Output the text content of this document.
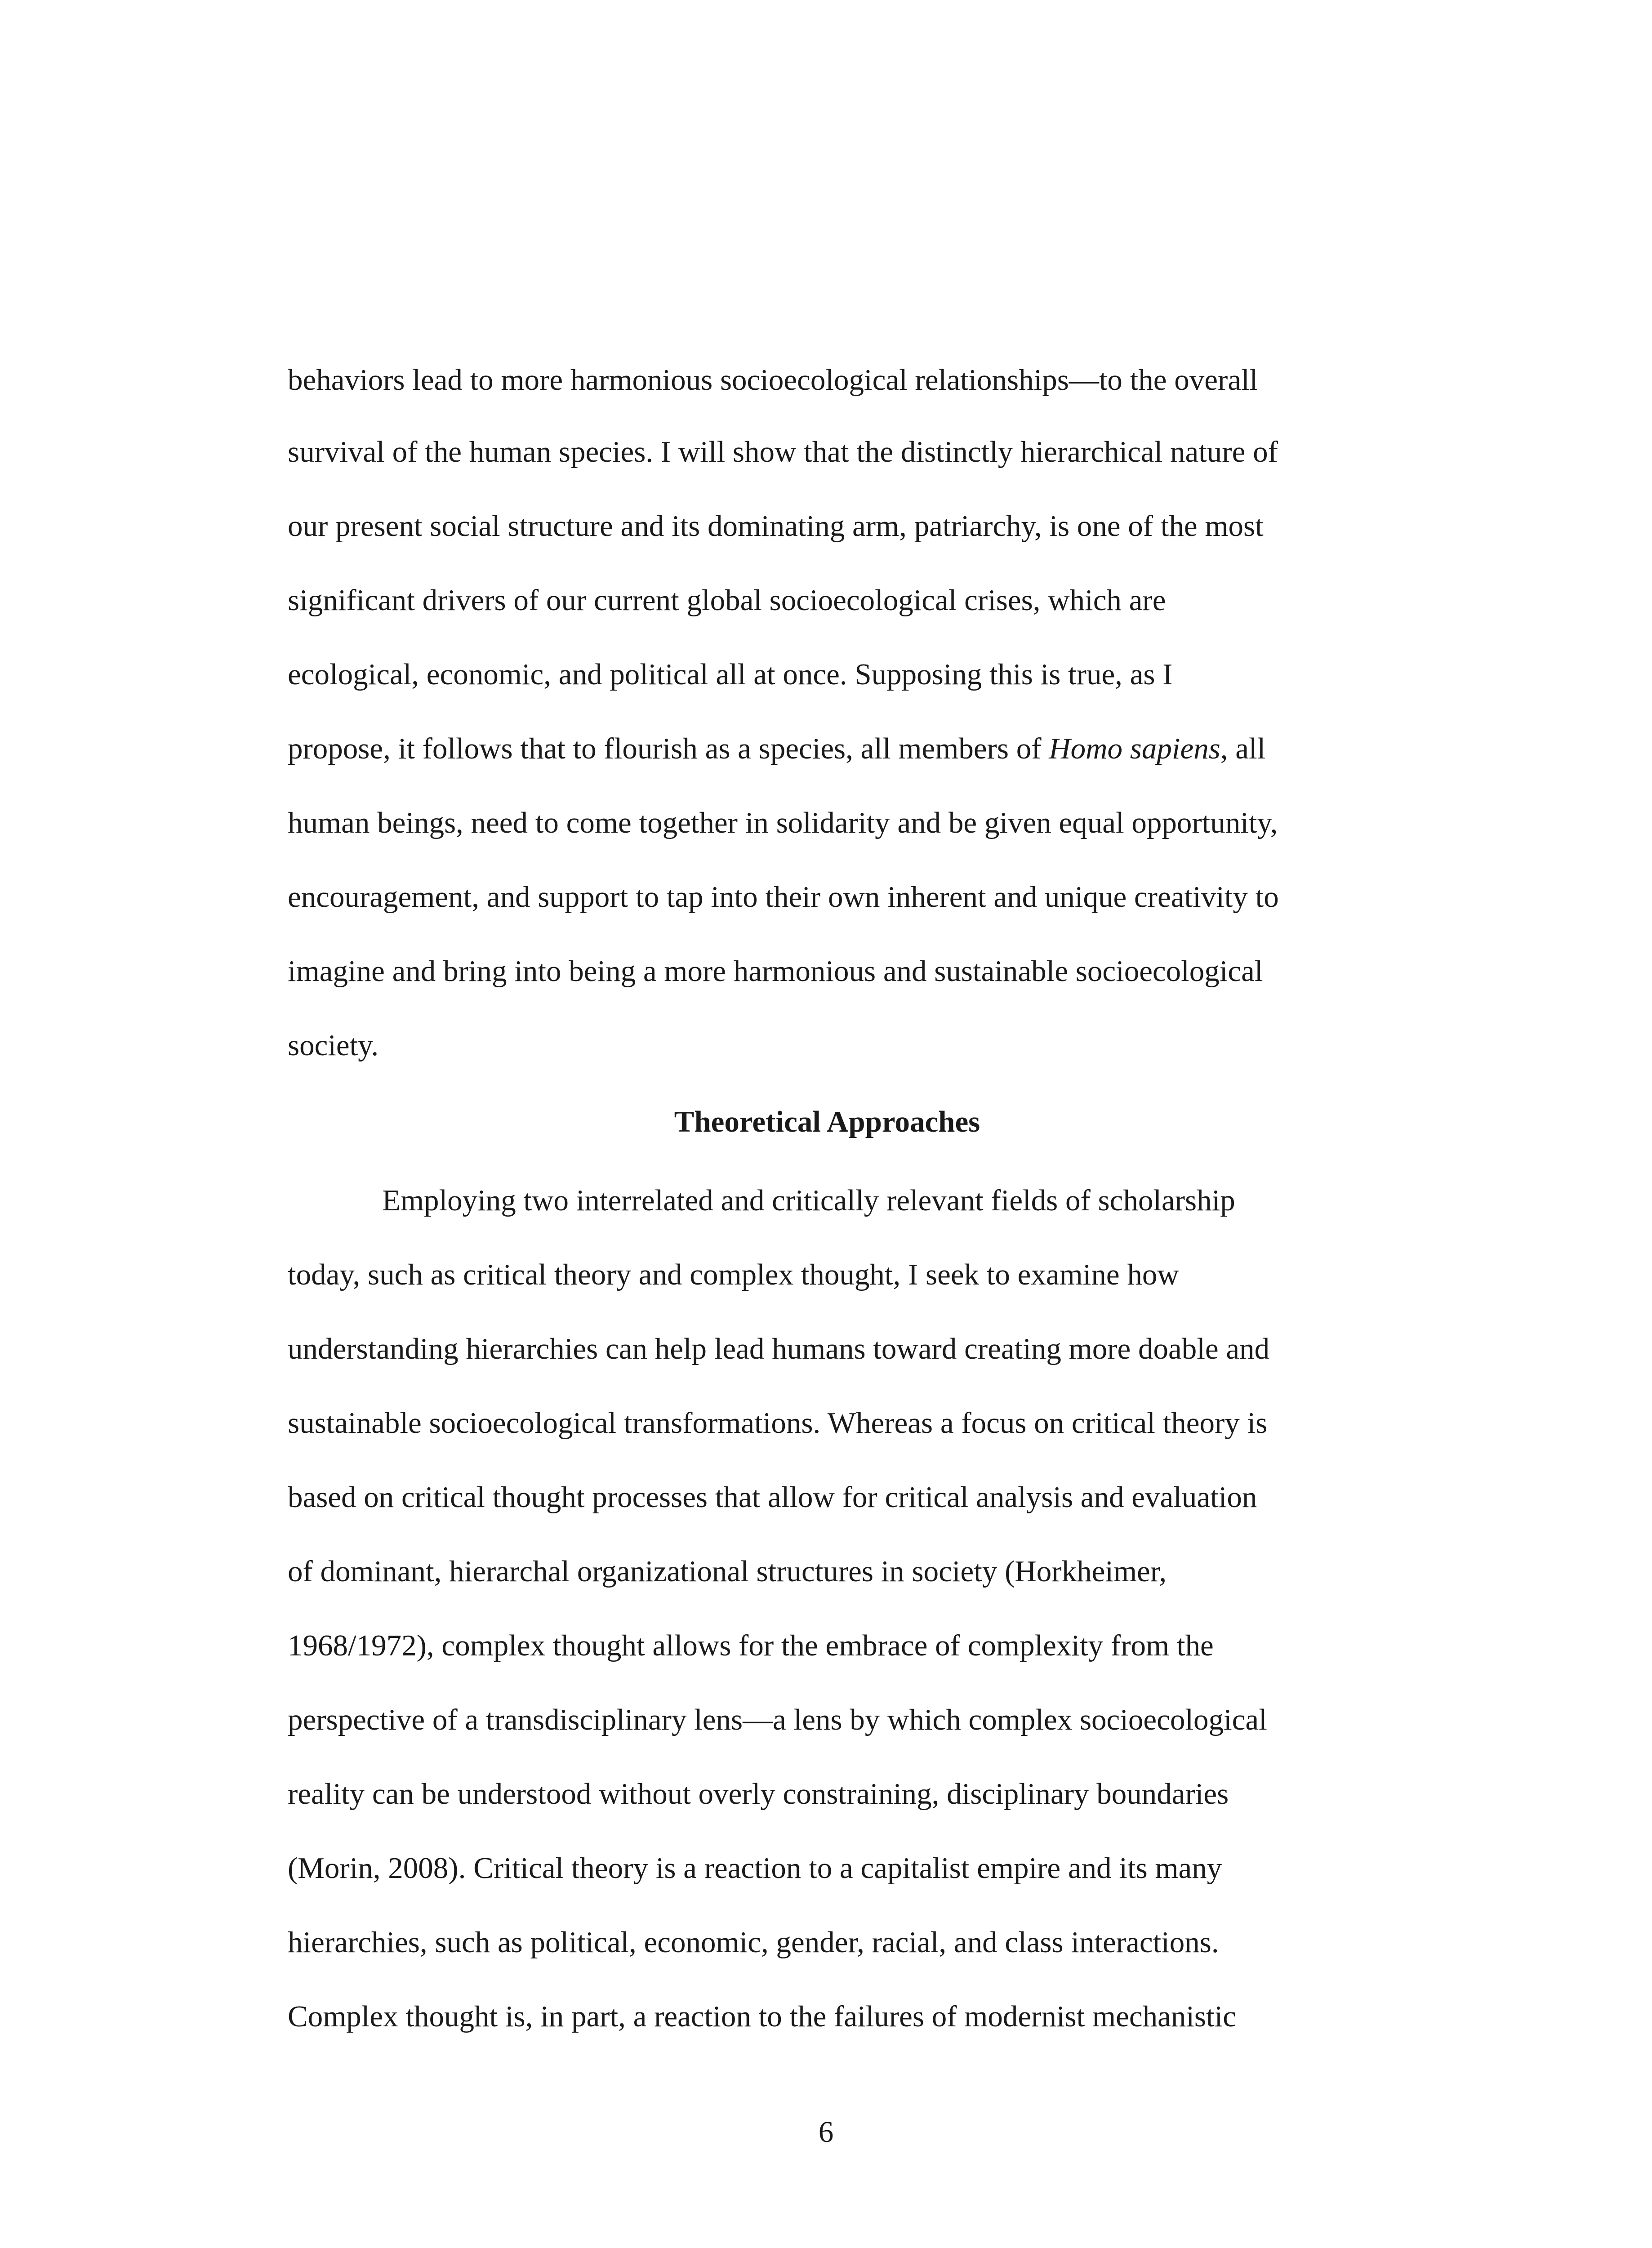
behaviors lead to more harmonious socioecological relationships—to the overall
survival of the human species. I will show that the distinctly hierarchical nature of
our present social structure and its dominating arm, patriarchy, is one of the most
significant drivers of our current global socioecological crises, which are
ecological, economic, and political all at once. Supposing this is true, as I
propose, it follows that to flourish as a species, all members of Homo sapiens, all
human beings, need to come together in solidarity and be given equal opportunity,
encouragement, and support to tap into their own inherent and unique creativity to
imagine and bring into being a more harmonious and sustainable socioecological
society.
Theoretical Approaches
Employing two interrelated and critically relevant fields of scholarship
today, such as critical theory and complex thought, I seek to examine how
understanding hierarchies can help lead humans toward creating more doable and
sustainable socioecological transformations. Whereas a focus on critical theory is
based on critical thought processes that allow for critical analysis and evaluation
of dominant, hierarchal organizational structures in society (Horkheimer,
1968/1972), complex thought allows for the embrace of complexity from the
perspective of a transdisciplinary lens—a lens by which complex socioecological
reality can be understood without overly constraining, disciplinary boundaries
(Morin, 2008). Critical theory is a reaction to a capitalist empire and its many
hierarchies, such as political, economic, gender, racial, and class interactions.
Complex thought is, in part, a reaction to the failures of modernist mechanistic
6
